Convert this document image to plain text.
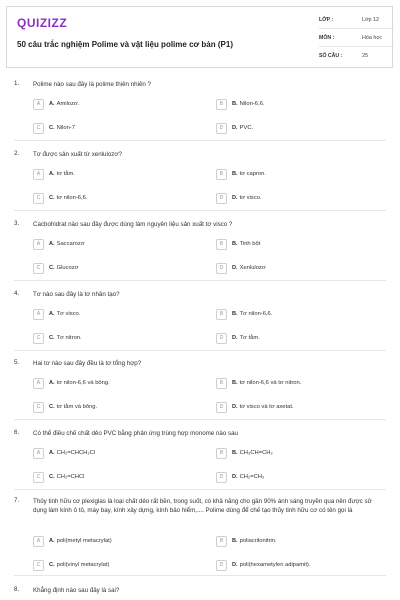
QUIZIZZ
50 câu trắc nghiệm Polime và vật liệu polime cơ bản (P1)
LỚP :	Lớp 12
MÔN :	Hóa học
SỐ CÂU :	25
1. Polime nào sau đây là polime thiên nhiên ?
A	A. Amilozơ.	B	B. Nilon-6,6.
C	C. Nilon-7	D	D. PVC.
2. Tơ được sản xuất từ xenlulozơ?
A	A. tơ tằm.	B	B. tơ capron.
C	C. tơ nilon-6,6.	D	D. tơ visco.
3. Cacbohidrat nào sau đây được dùng làm nguyên liệu sản xuất tơ visco ?
A	A. Saccarozơ	B	B. Tinh bột
C	C. Glucozơ	D	D. Xenlulozơ
4. Tơ nào sau đây là tơ nhân tạo?
A	A. Tơ visco.	B	B. Tơ nilon-6,6.
C	C. Tơ nitron.	D	D. Tơ tằm.
5. Hai tơ nào sau đây đều là tơ tổng hợp?
A	A. tơ nilon-6,6 và bông.	B	B. tơ nilon-6,6 và tơ nitron.
C	C. tơ tằm và bông.	D	D. tơ visco và tơ axetat.
6. Có thể điều chế chất dẻo PVC bằng phản ứng trùng hợp monome nào sau
A	A. CH₂=CHCH₂Cl	B	B. CH₃CH=CH₂
C	C. CH₂=CHCl	D	D. CH₂=CH₂
7. Thủy tinh hữu cơ plexiglas là loại chất dẻo rất bền, trong suốt, có khả năng cho gần 90% ánh sáng truyền qua nên được sử dụng làm kính ô tô, máy bay, kính xây dựng, kính bảo hiểm,.... Polime dùng để chế tạo thủy tinh hữu cơ có tên gọi là
A	A. poli(metyl metacrylat)	B	B. poliacrilonitrin.
C	C. poli(vinyl metacrylat)	D	D. poli(hexametylen adipamit).
8. Khẳng định nào sau đây là sai?
